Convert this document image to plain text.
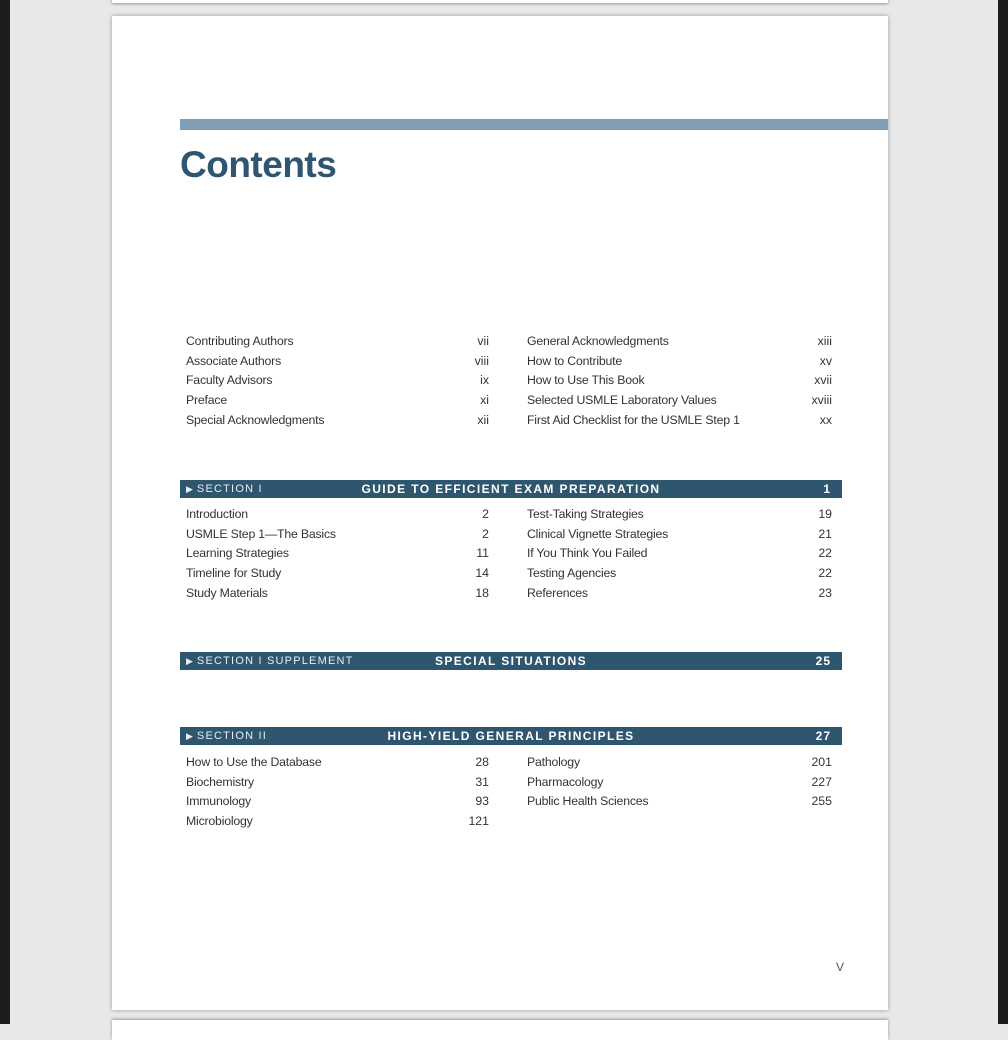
Contents
Contributing Authors	vii
Associate Authors	viii
Faculty Advisors	ix
Preface	xi
Special Acknowledgments	xii
General Acknowledgments	xiii
How to Contribute	xv
How to Use This Book	xvii
Selected USMLE Laboratory Values	xviii
First Aid Checklist for the USMLE Step 1	xx
▶ SECTION I	GUIDE TO EFFICIENT EXAM PREPARATION	1
Introduction	2
USMLE Step 1—The Basics	2
Learning Strategies	11
Timeline for Study	14
Study Materials	18
Test-Taking Strategies	19
Clinical Vignette Strategies	21
If You Think You Failed	22
Testing Agencies	22
References	23
▶ SECTION I SUPPLEMENT	SPECIAL SITUATIONS	25
▶ SECTION II	HIGH-YIELD GENERAL PRINCIPLES	27
How to Use the Database	28
Biochemistry	31
Immunology	93
Microbiology	121
Pathology	201
Pharmacology	227
Public Health Sciences	255
V
